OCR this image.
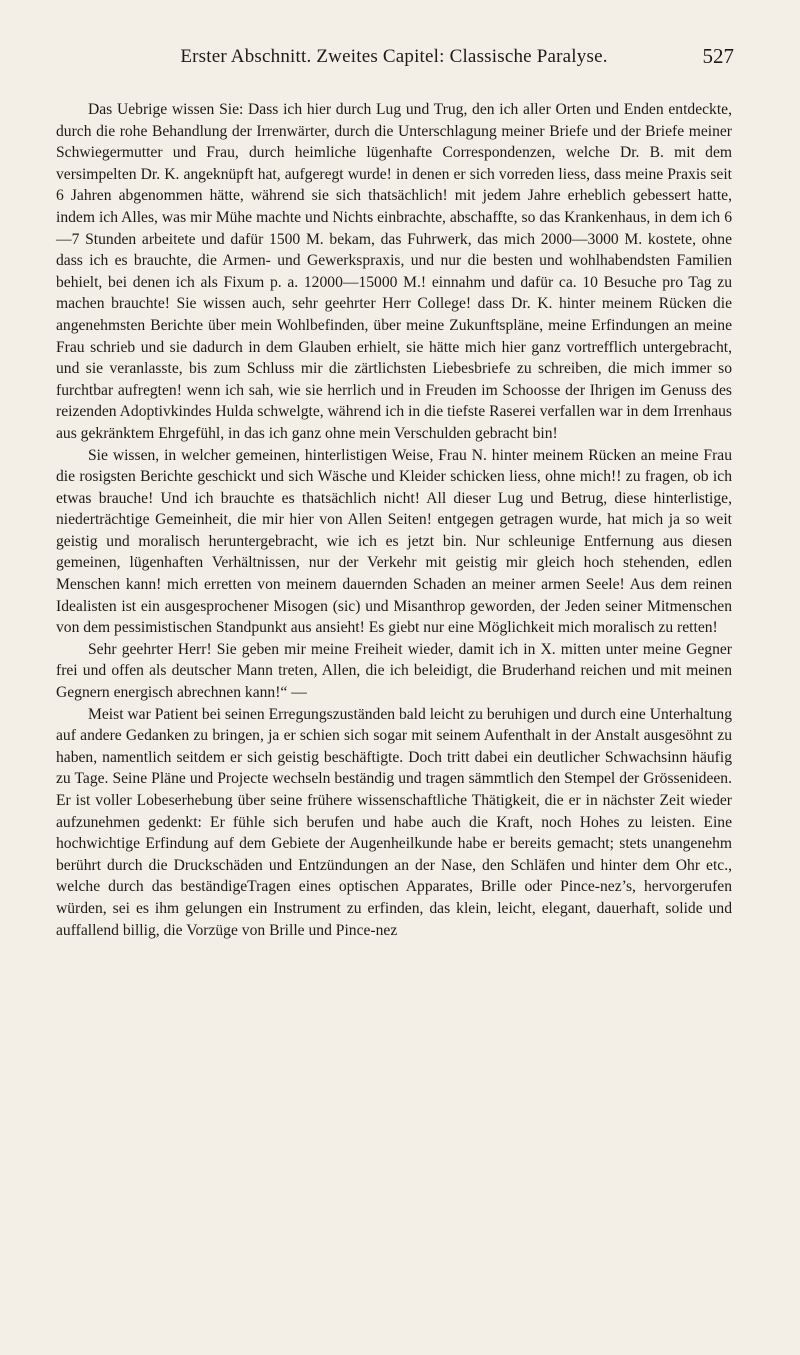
Erster Abschnitt. Zweites Capitel: Classische Paralyse.	527

Das Uebrige wissen Sie: Dass ich hier durch Lug und Trug, den ich aller Orten und Enden entdeckte, durch die rohe Behandlung der Irrenwärter, durch die Unterschlagung meiner Briefe und der Briefe meiner Schwiegermutter und Frau, durch heimliche lügenhafte Correspondenzen, welche Dr. B. mit dem versimpelten Dr. K. angeknüpft hat, aufgeregt wurde! in denen er sich vorreden liess, dass meine Praxis seit 6 Jahren abgenommen hätte, während sie sich thatsächlich! mit jedem Jahre erheblich gebessert hatte, indem ich Alles, was mir Mühe machte und Nichts einbrachte, abschaffte, so das Krankenhaus, in dem ich 6—7 Stunden arbeitete und dafür 1500 M. bekam, das Fuhrwerk, das mich 2000—3000 M. kostete, ohne dass ich es brauchte, die Armen- und Gewerkspraxis, und nur die besten und wohlhabendsten Familien behielt, bei denen ich als Fixum p. a. 12000—15000 M.! einnahm und dafür ca. 10 Besuche pro Tag zu machen brauchte! Sie wissen auch, sehr geehrter Herr College! dass Dr. K. hinter meinem Rücken die angenehmsten Berichte über mein Wohlbefinden, über meine Zukunftspläne, meine Erfindungen an meine Frau schrieb und sie dadurch in dem Glauben erhielt, sie hätte mich hier ganz vortrefflich untergebracht, und sie veranlasste, bis zum Schluss mir die zärtlichsten Liebesbriefe zu schreiben, die mich immer so furchtbar aufregten! wenn ich sah, wie sie herrlich und in Freuden im Schoosse der Ihrigen im Genuss des reizenden Adoptivkindes Hulda schwelgte, während ich in die tiefste Raserei verfallen war in dem Irrenhaus aus gekränktem Ehrgefühl, in das ich ganz ohne mein Verschulden gebracht bin!

Sie wissen, in welcher gemeinen, hinterlistigen Weise, Frau N. hinter meinem Rücken an meine Frau die rosigsten Berichte geschickt und sich Wäsche und Kleider schicken liess, ohne mich!! zu fragen, ob ich etwas brauche! Und ich brauchte es thatsächlich nicht! All dieser Lug und Betrug, diese hinterlistige, niederträchtige Gemeinheit, die mir hier von Allen Seiten! entgegen getragen wurde, hat mich ja so weit geistig und moralisch heruntergebracht, wie ich es jetzt bin. Nur schleunige Entfernung aus diesen gemeinen, lügenhaften Verhältnissen, nur der Verkehr mit geistig mir gleich hoch stehenden, edlen Menschen kann! mich erretten von meinem dauernden Schaden an meiner armen Seele! Aus dem reinen Idealisten ist ein ausgesprochener Misogen (sic) und Misanthrop geworden, der Jeden seiner Mitmenschen von dem pessimistischen Standpunkt aus ansieht! Es giebt nur eine Möglichkeit mich moralisch zu retten!

Sehr geehrter Herr! Sie geben mir meine Freiheit wieder, damit ich in X. mitten unter meine Gegner frei und offen als deutscher Mann treten, Allen, die ich beleidigt, die Bruderhand reichen und mit meinen Gegnern energisch abrechnen kann!“ —

Meist war Patient bei seinen Erregungszuständen bald leicht zu beruhigen und durch eine Unterhaltung auf andere Gedanken zu bringen, ja er schien sich sogar mit seinem Aufenthalt in der Anstalt ausgesöhnt zu haben, namentlich seitdem er sich geistig beschäftigte. Doch tritt dabei ein deutlicher Schwachsinn häufig zu Tage. Seine Pläne und Projecte wechseln beständig und tragen sämmtlich den Stempel der Grössenideen. Er ist voller Lobeserhebung über seine frühere wissenschaftliche Thätigkeit, die er in nächster Zeit wieder aufzunehmen gedenkt: Er fühle sich berufen und habe auch die Kraft, noch Hohes zu leisten. Eine hochwichtige Erfindung auf dem Gebiete der Augenheilkunde habe er bereits gemacht; stets unangenehm berührt durch die Druckschäden und Entzündungen an der Nase, den Schläfen und hinter dem Ohr etc., welche durch das beständigeTragen eines optischen Apparates, Brille oder Pince-nez’s, hervorgerufen würden, sei es ihm gelungen ein Instrument zu erfinden, das klein, leicht, elegant, dauerhaft, solide und auffallend billig, die Vorzüge von Brille und Pince-nez
